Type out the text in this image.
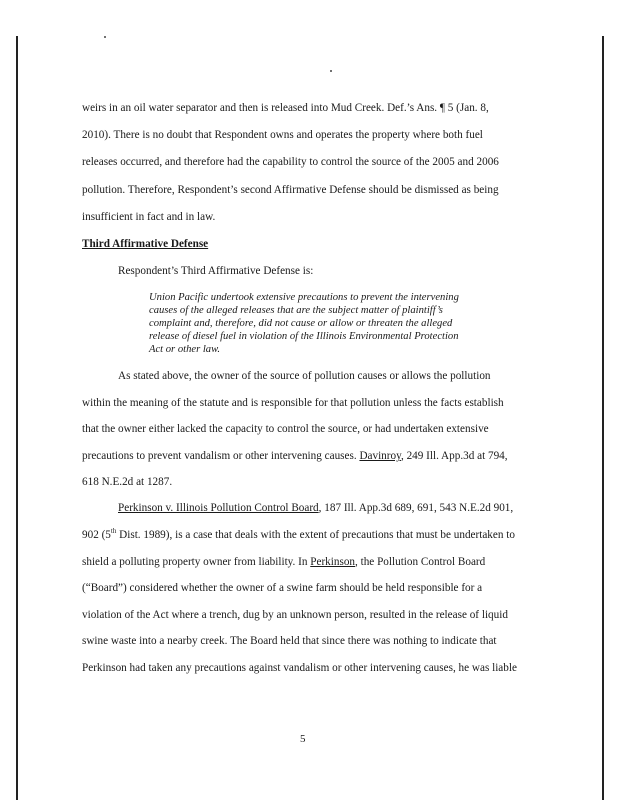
weirs in an oil water separator and then is released into Mud Creek. Def.’s Ans. ¶ 5 (Jan. 8,
2010). There is no doubt that Respondent owns and operates the property where both fuel
releases occurred, and therefore had the capability to control the source of the 2005 and 2006
pollution. Therefore, Respondent’s second Affirmative Defense should be dismissed as being
insufficient in fact and in law.
Third Affirmative Defense
Respondent’s Third Affirmative Defense is:
Union Pacific undertook extensive precautions to prevent the intervening
causes of the alleged releases that are the subject matter of plaintiff’s
complaint and, therefore, did not cause or allow or threaten the alleged
release of diesel fuel in violation of the Illinois Environmental Protection
Act or other law.
As stated above, the owner of the source of pollution causes or allows the pollution
within the meaning of the statute and is responsible for that pollution unless the facts establish
that the owner either lacked the capacity to control the source, or had undertaken extensive
precautions to prevent vandalism or other intervening causes. Davinroy, 249 Ill. App.3d at 794,
618 N.E.2d at 1287.
Perkinson v. Illinois Pollution Control Board, 187 Ill. App.3d 689, 691, 543 N.E.2d 901,
902 (5th Dist. 1989), is a case that deals with the extent of precautions that must be undertaken to
shield a polluting property owner from liability. In Perkinson, the Pollution Control Board
(“Board”) considered whether the owner of a swine farm should be held responsible for a
violation of the Act where a trench, dug by an unknown person, resulted in the release of liquid
swine waste into a nearby creek. The Board held that since there was nothing to indicate that
Perkinson had taken any precautions against vandalism or other intervening causes, he was liable
5
